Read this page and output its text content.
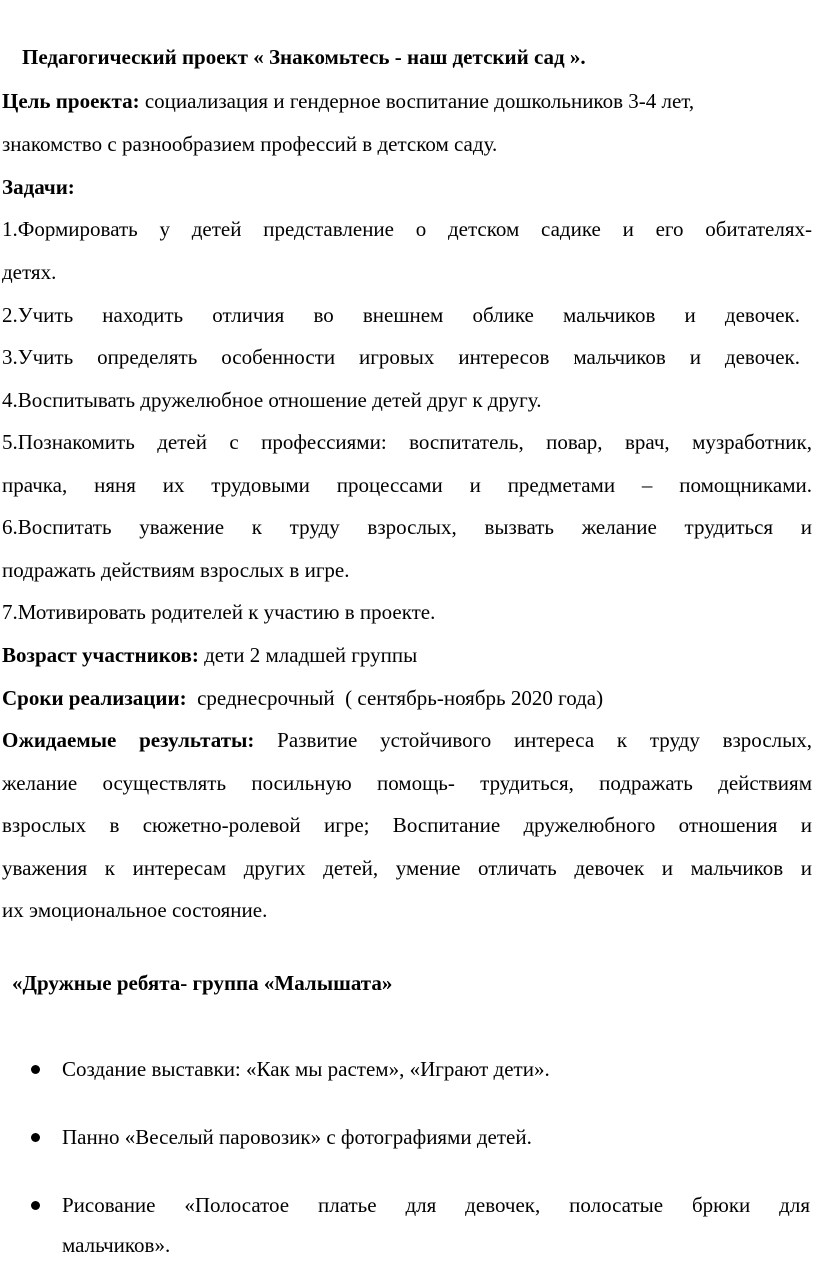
Педагогический проект « Знакомьтесь - наш детский сад ».
Цель проекта: социализация и гендерное воспитание дошкольников 3-4 лет,
знакомство с разнообразием профессий в детском саду.
Задачи:
1.Формировать у детей представление о детском садике и его обитателях-
детях.
2.Учить находить отличия во внешнем облике мальчиков и девочек.
3.Учить определять особенности игровых интересов мальчиков и девочек.
4.Воспитывать дружелюбное отношение детей друг к другу.
5.Познакомить детей с профессиями: воспитатель, повар, врач, музработник,
прачка, няня их трудовыми процессами и предметами – помощниками.
6.Воспитать уважение к труду взрослых, вызвать желание трудиться и
подражать действиям взрослых в игре.
7.Мотивировать родителей к участию в проекте.
Возраст участников: дети 2 младшей группы
Сроки реализации:  среднесрочный  ( сентябрь-ноябрь 2020 года)
Ожидаемые результаты: Развитие устойчивого интереса к труду взрослых,
желание осуществлять посильную помощь- трудиться, подражать действиям
взрослых в сюжетно-ролевой игре; Воспитание дружелюбного отношения и
уважения к интересам других детей, умение отличать девочек и мальчиков и
их эмоциональное состояние.
«Дружные ребята- группа «Малышата»
Создание выставки: «Как мы растем», «Играют дети».
Панно «Веселый паровозик» с фотографиями детей.
Рисование «Полосатое платье для девочек, полосатые брюки для
мальчиков».
